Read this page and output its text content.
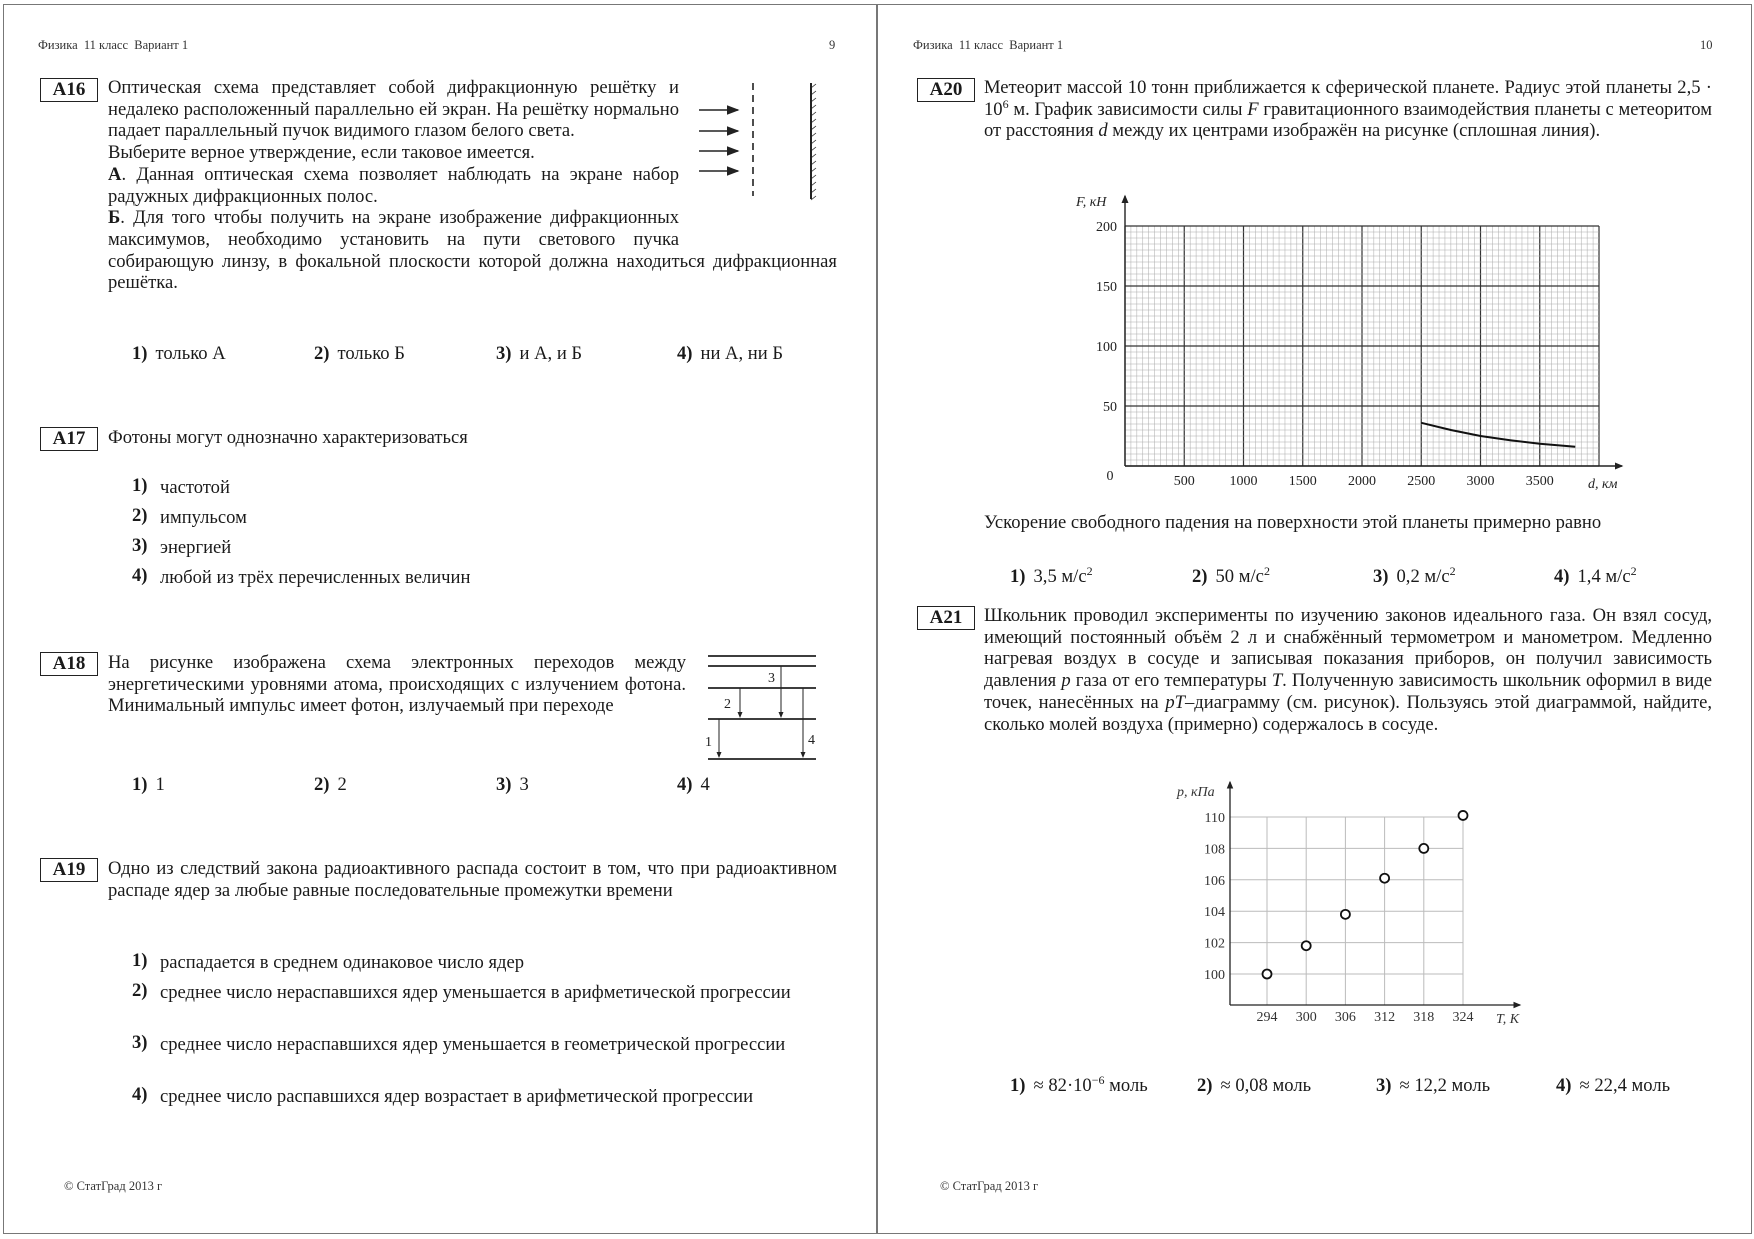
Физика  11 класс  Вариант 1	9
A16	Оптическая схема представляет собой дифракционную решётку и недалеко расположенный параллельно ей экран. На решётку нормально падает параллельный пучок видимого глазом белого света.

Выберите верное утверждение, если таковое имеется.

А. Данная оптическая схема позволяет наблюдать на экране набор радужных дифракционных полос.

Б. Для того чтобы получить на экране изображение дифракционных максимумов, необходимо установить на пути светового пучка собирающую линзу, в фокальной плоскости которой должна находиться дифракционная решётка.

1) только А	2) только Б	3) и А, и Б	4) ни А, ни Б
A17	Фотоны могут однозначно характеризоваться
1) частотой
2) импульсом
3) энергией
4) любой из трёх перечисленных величин
A18	На рисунке изображена схема электронных переходов между энергетическими уровнями атома, происходящих с излучением фотона. Минимальный импульс имеет фотон, излучаемый при переходе
1) 1	2) 2	3) 3	4) 4
A19	Одно из следствий закона радиоактивного распада состоит в том, что при радиоактивном распаде ядер за любые равные последовательные промежутки времени
1) распадается в среднем одинаковое число ядер
2) среднее число нераспавшихся ядер уменьшается в арифметической прогрессии
3) среднее число нераспавшихся ядер уменьшается в геометрической прогрессии
4) среднее число распавшихся ядер возрастает в арифметической прогрессии
© СтатГрад 2013 г
Физика  11 класс  Вариант 1	10
A20	Метеорит массой 10 тонн приближается к сферической планете. Радиус этой планеты $2,5 \cdot 10^6$ м. График зависимости силы F гравитационного взаимодействия планеты с метеоритом от расстояния d между их центрами изображён на рисунке (сплошная линия).
Ускорение свободного падения на поверхности этой планеты примерно равно
1) 3,5 $м/с^2$	2) 50 $м/с^2$	3) 0,2 $м/с^2$	4) 1,4 $м/с^2$
A21	Школьник проводил эксперименты по изучению законов идеального газа. Он взял сосуд, имеющий постоянный объём 2 л и снабжённый термометром и манометром. Медленно нагревая воздух в сосуде и записывая показания приборов, он получил зависимость давления p газа от его температуры T. Полученную зависимость школьник оформил в виде точек, нанесённых на pT–диаграмму (см. рисунок). Пользуясь этой диаграммой, найдите, сколько молей воздуха (примерно) содержалось в сосуде.
$1) \approx 82\cdot 10^{-6}$ моль	2) ≈ 0,08 моль	3) ≈ 12,2 моль	4) ≈ 22,4 моль
© СтатГрад 2013 г
1
2
3
4
500 1000 1500 2000 2500 3000 3500
50
100
150
200
0
F, кН
d, км
294 300 306 312 318 324
100
102
104
106
108
110
p, кПа
T, K
